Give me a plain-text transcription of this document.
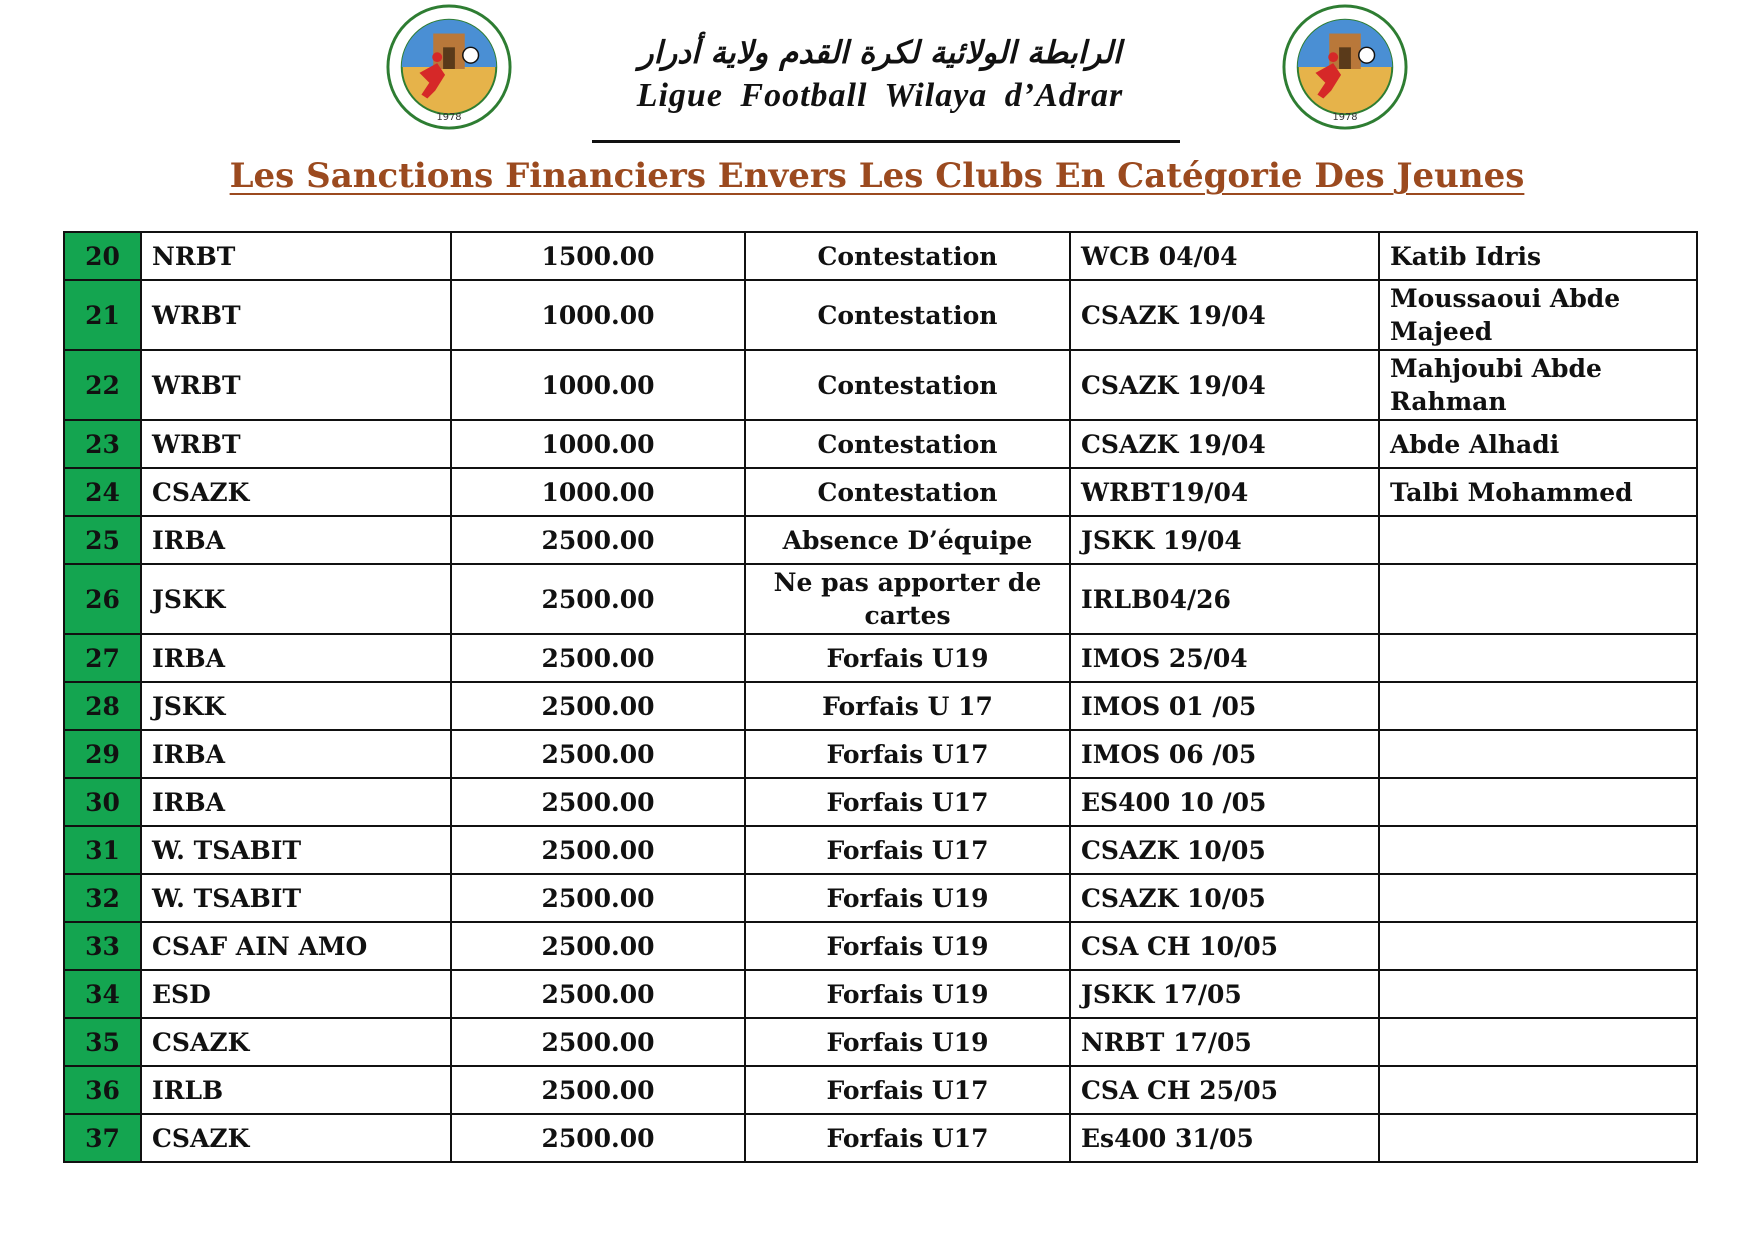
1978	1978

الرابطة الولائية لكرة القدم ولاية أدرار

Ligue Football Wilaya d’Adrar

Les Sanctions Financiers Envers Les Clubs En Catégorie Des Jeunes

20	NRBT	1500.00	Contestation	WCB 04/04	Katib Idris
21	WRBT	1000.00	Contestation	CSAZK 19/04	Moussaoui Abde Majeed
22	WRBT	1000.00	Contestation	CSAZK 19/04	Mahjoubi Abde Rahman
23	WRBT	1000.00	Contestation	CSAZK 19/04	Abde Alhadi
24	CSAZK	1000.00	Contestation	WRBT19/04	Talbi Mohammed
25	IRBA	2500.00	Absence D’équipe	JSKK 19/04	
26	JSKK	2500.00	Ne pas apporter de cartes	IRLB04/26	
27	IRBA	2500.00	Forfais U19	IMOS 25/04	
28	JSKK	2500.00	Forfais U 17	IMOS 01 /05	
29	IRBA	2500.00	Forfais U17	IMOS 06 /05	
30	IRBA	2500.00	Forfais U17	ES400 10 /05	
31	W. TSABIT	2500.00	Forfais U17	CSAZK 10/05	
32	W. TSABIT	2500.00	Forfais U19	CSAZK 10/05	
33	CSAF AIN AMO	2500.00	Forfais U19	CSA CH 10/05	
34	ESD	2500.00	Forfais U19	JSKK 17/05	
35	CSAZK	2500.00	Forfais U19	NRBT 17/05	
36	IRLB	2500.00	Forfais U17	CSA CH 25/05	
37	CSAZK	2500.00	Forfais U17	Es400 31/05	
